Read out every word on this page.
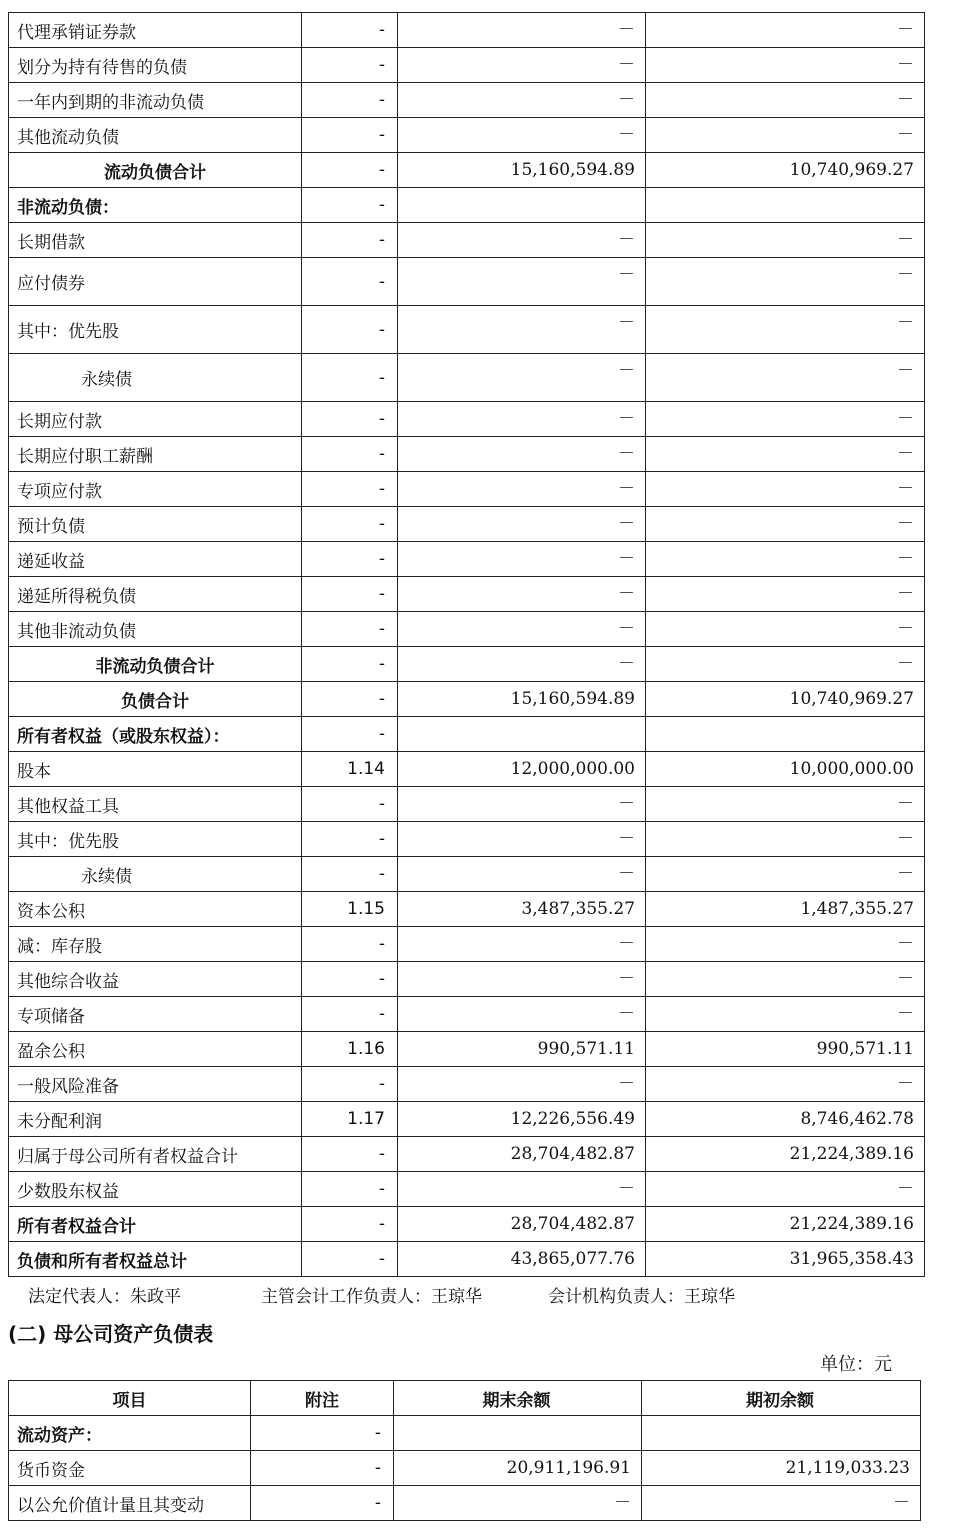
代理承销证券款	-	－	－
划分为持有待售的负债	-	－	－
一年内到期的非流动负债	-	－	－
其他流动负债	-	－	－
流动负债合计	-	15,160,594.89	10,740,969.27
非流动负债：	-		
长期借款	-	－	－
应付债券	-	－	－
其中：优先股	-	－	－
永续债	-	－	－
长期应付款	-	－	－
长期应付职工薪酬	-	－	－
专项应付款	-	－	－
预计负债	-	－	－
递延收益	-	－	－
递延所得税负债	-	－	－
其他非流动负债	-	－	－
非流动负债合计	-	－	－
负债合计	-	15,160,594.89	10,740,969.27
所有者权益（或股东权益）：	-		
股本	1.14	12,000,000.00	10,000,000.00
其他权益工具	-	－	－
其中：优先股	-	－	－
永续债	-	－	－
资本公积	1.15	3,487,355.27	1,487,355.27
减：库存股	-	－	－
其他综合收益	-	－	－
专项储备	-	－	－
盈余公积	1.16	990,571.11	990,571.11
一般风险准备	-	－	－
未分配利润	1.17	12,226,556.49	8,746,462.78
归属于母公司所有者权益合计	-	28,704,482.87	21,224,389.16
少数股东权益	-	－	－
所有者权益合计	-	28,704,482.87	21,224,389.16
负债和所有者权益总计	-	43,865,077.76	31,965,358.43
法定代表人：朱政平	主管会计工作负责人：王琼华	会计机构负责人：王琼华
(二) 母公司资产负债表
单位：元
项目	附注	期末余额	期初余额
流动资产：	-		
货币资金	-	20,911,196.91	21,119,033.23
以公允价值计量且其变动	-	－	－
